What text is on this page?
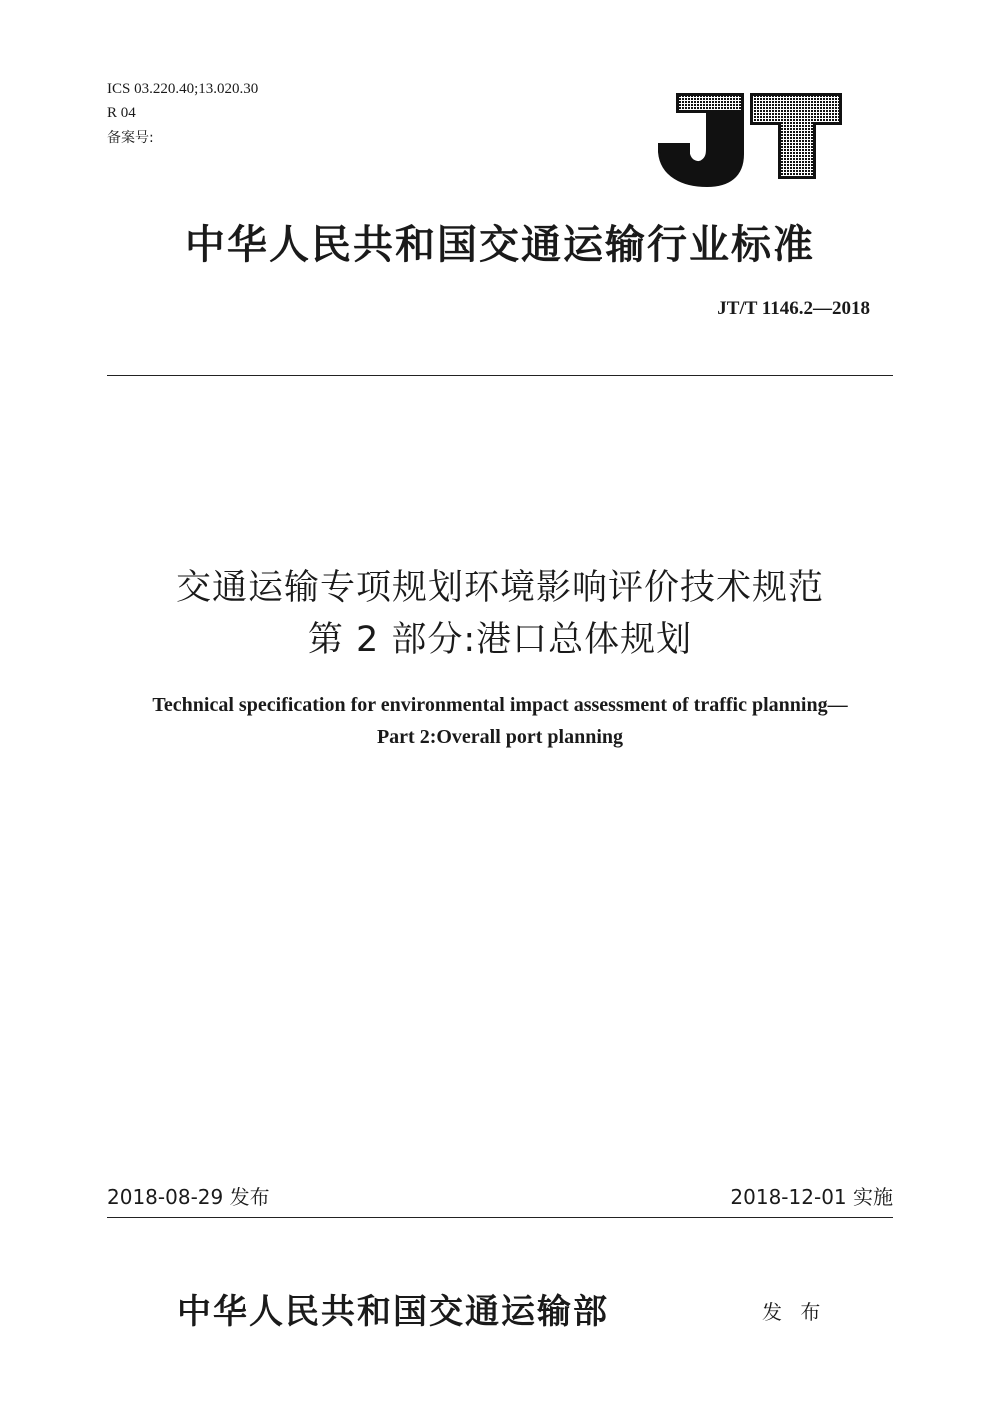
ICS 03.220.40;13.020.30
R 04
备案号:
中华人民共和国交通运输行业标准
JT/T 1146.2—2018
交通运输专项规划环境影响评价技术规范
第 2 部分:港口总体规划
Technical specification for environmental impact assessment of traffic planning—
Part 2:Overall port planning
2018-08-29 发布	2018-12-01 实施
中华人民共和国交通运输部	发 布
